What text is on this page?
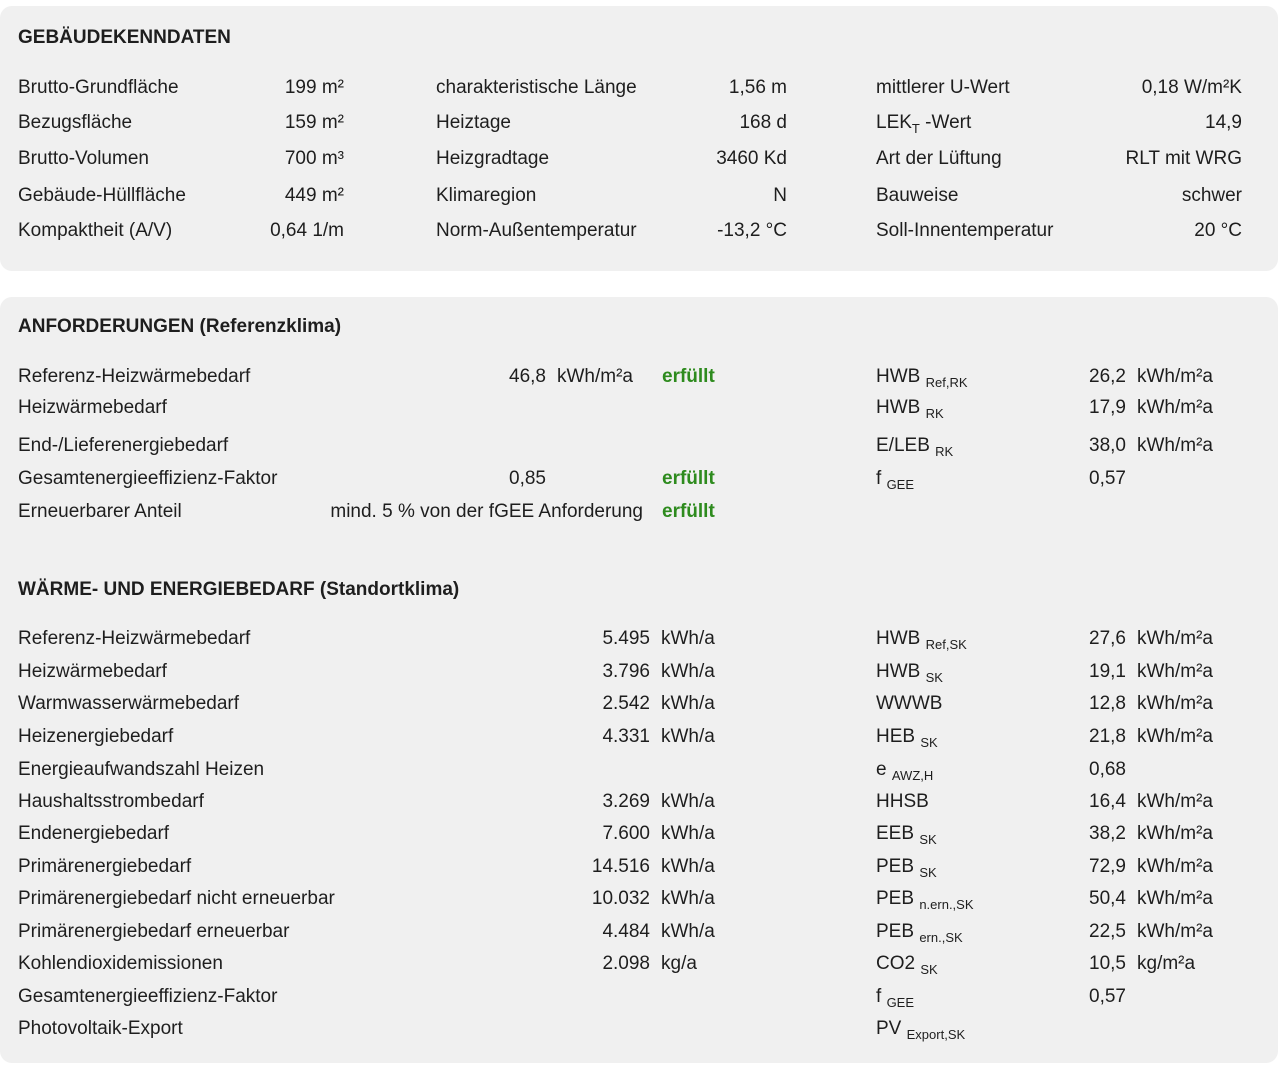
GEBÄUDEKENNDATEN
Brutto-Grundfläche	199 m²	charakteristische Länge	1,56 m	mittlerer U-Wert	0,18 W/m²K
Bezugsfläche	159 m²	Heiztage	168 d	$LEK_T$ -Wert	14,9
Brutto-Volumen	700 m³	Heizgradtage	3460 Kd	Art der Lüftung	RLT mit WRG
Gebäude-Hüllfläche	449 m²	Klimaregion	N	Bauweise	schwer
Kompaktheit (A/V)	0,64 1/m	Norm-Außentemperatur	-13,2 °C	Soll-Innentemperatur	20 °C
ANFORDERUNGEN (Referenzklima)
Referenz-Heizwärmebedarf	46,8 kWh/m²a erfüllt	HWB $_{Ref,RK}$	26,2 kWh/m²a
Heizwärmebedarf	HWB $_{RK}$	17,9 kWh/m²a
End-/Lieferenergiebedarf	E/LEB $_{RK}$	38,0 kWh/m²a
Gesamtenergieeffizienz-Faktor	0,85	erfüllt	f $_{GEE}$	0,57
Erneuerbarer Anteil	mind. 5 % von der fGEE Anforderung erfüllt
WÄRME- UND ENERGIEBEDARF (Standortklima)
Referenz-Heizwärmebedarf	5.495 kWh/a	HWB $_{Ref,SK}$	27,6 kWh/m²a
Heizwärmebedarf	3.796 kWh/a	HWB $_{SK}$	19,1 kWh/m²a
Warmwasserwärmebedarf	2.542 kWh/a	WWWB	12,8 kWh/m²a
Heizenergiebedarf	4.331 kWh/a	HEB $_{SK}$	21,8 kWh/m²a
Energieaufwandszahl Heizen	e $_{AWZ,H}$	0,68
Haushaltsstrombedarf	3.269 kWh/a	HHSB	16,4 kWh/m²a
Endenergiebedarf	7.600 kWh/a	EEB $_{SK}$	38,2 kWh/m²a
Primärenergiebedarf	14.516 kWh/a	PEB $_{SK}$	72,9 kWh/m²a
Primärenergiebedarf nicht erneuerbar	10.032 kWh/a	PEB $_{n.ern.,SK}$	50,4 kWh/m²a
Primärenergiebedarf erneuerbar	4.484 kWh/a	PEB $_{ern.,SK}$	22,5 kWh/m²a
Kohlendioxidemissionen	2.098 kg/a	CO2 $_{SK}$	10,5 kg/m²a
Gesamtenergieeffizienz-Faktor	f $_{GEE}$	0,57
Photovoltaik-Export	PV $_{Export,SK}$
